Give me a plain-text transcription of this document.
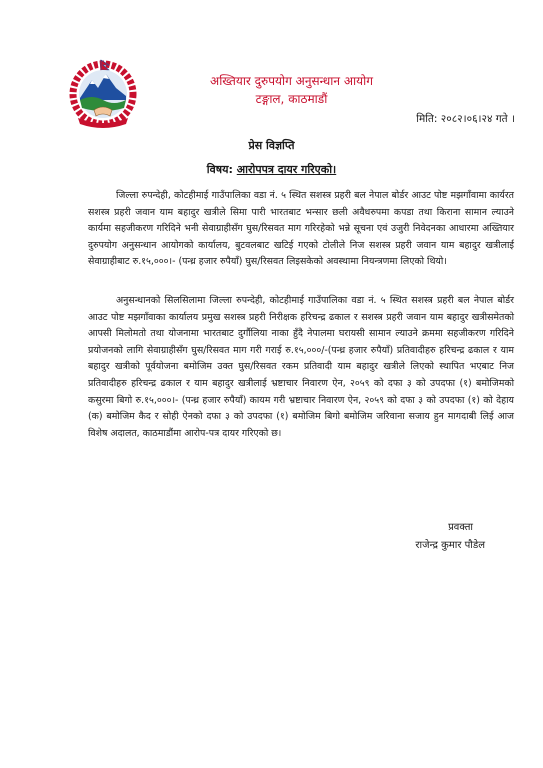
अख्तियार दुरुपयोग अनुसन्धान आयोग
टङ्गाल, काठमाडौं
मिति: २०८२।०६।२४ गते ।
प्रेस विज्ञप्ति
विषय: आरोपपत्र दायर गरिएको।
जिल्ला रुपन्देही, कोटहीमाई गाउँपालिका वडा नं. ५ स्थित सशस्त्र प्रहरी बल नेपाल बोर्डर आउट पोष्ट मझगाँवामा कार्यरत सशस्त्र प्रहरी जवान याम बहादुर खत्रीले सिमा पारी भारतबाट भन्सार छली अवैधरुपमा कपडा तथा किराना सामान ल्याउने कार्यमा सहजीकरण गरिदिने भनी सेवाग्राहीसँग घुस/रिसवत माग गरिरहेको भन्ने सूचना एवं उजुरी निवेदनका आधारमा अख्तियार दुरुपयोग अनुसन्धान आयोगको कार्यालय, बुटवलबाट खटिई गएको टोलीले निज सशस्त्र प्रहरी जवान याम बहादुर खत्रीलाई सेवाग्राहीबाट रु.१५,०००।- (पन्ध्र हजार रुपैयाँ) घुस/रिसवत लिइसकेको अवस्थामा नियन्त्रणमा लिएको थियो।
अनुसन्धानको सिलसिलामा जिल्ला रुपन्देही, कोटहीमाई गाउँपालिका वडा नं. ५ स्थित सशस्त्र प्रहरी बल नेपाल बोर्डर आउट पोष्ट मझगाँवाका कार्यालय प्रमुख सशस्त्र प्रहरी निरीक्षक हरिचन्द्र ढकाल र सशस्त्र प्रहरी जवान याम बहादुर खत्रीसमेतको आपसी मिलोमतो तथा योजनामा भारतबाट दुर्गौलिया नाका हुँदै नेपालमा घरायसी सामान ल्याउने क्रममा सहजीकरण गरिदिने प्रयोजनको लागि सेवाग्राहीसँग घुस/रिसवत माग गरी गराई रु.१५,०००/-(पन्ध्र हजार रुपैयाँ) प्रतिवादीहरु हरिचन्द्र ढकाल र याम बहादुर खत्रीको पूर्वयोजना बमोजिम उक्त घुस/रिसवत रकम प्रतिवादी याम बहादुर खत्रीले लिएको स्थापित भएबाट निज प्रतिवादीहरु हरिचन्द्र ढकाल र याम बहादुर खत्रीलाई भ्रष्टाचार निवारण ऐन, २०५९ को दफा ३ को उपदफा (१) बमोजिमको कसुरमा बिगो रु.१५,०००।- (पन्ध्र हजार रुपैयाँ) कायम गरी भ्रष्टाचार निवारण ऐन, २०५९ को दफा ३ को उपदफा (१) को देहाय (क) बमोजिम कैद र सोही ऐनको दफा ३ को उपदफा (१) बमोजिम बिगो बमोजिम जरिवाना सजाय हुन मागदाबी लिई आज विशेष अदालत, काठमाडौंमा आरोप-पत्र दायर गरिएको छ।
प्रवक्ता
राजेन्द्र कुमार पौडेल
